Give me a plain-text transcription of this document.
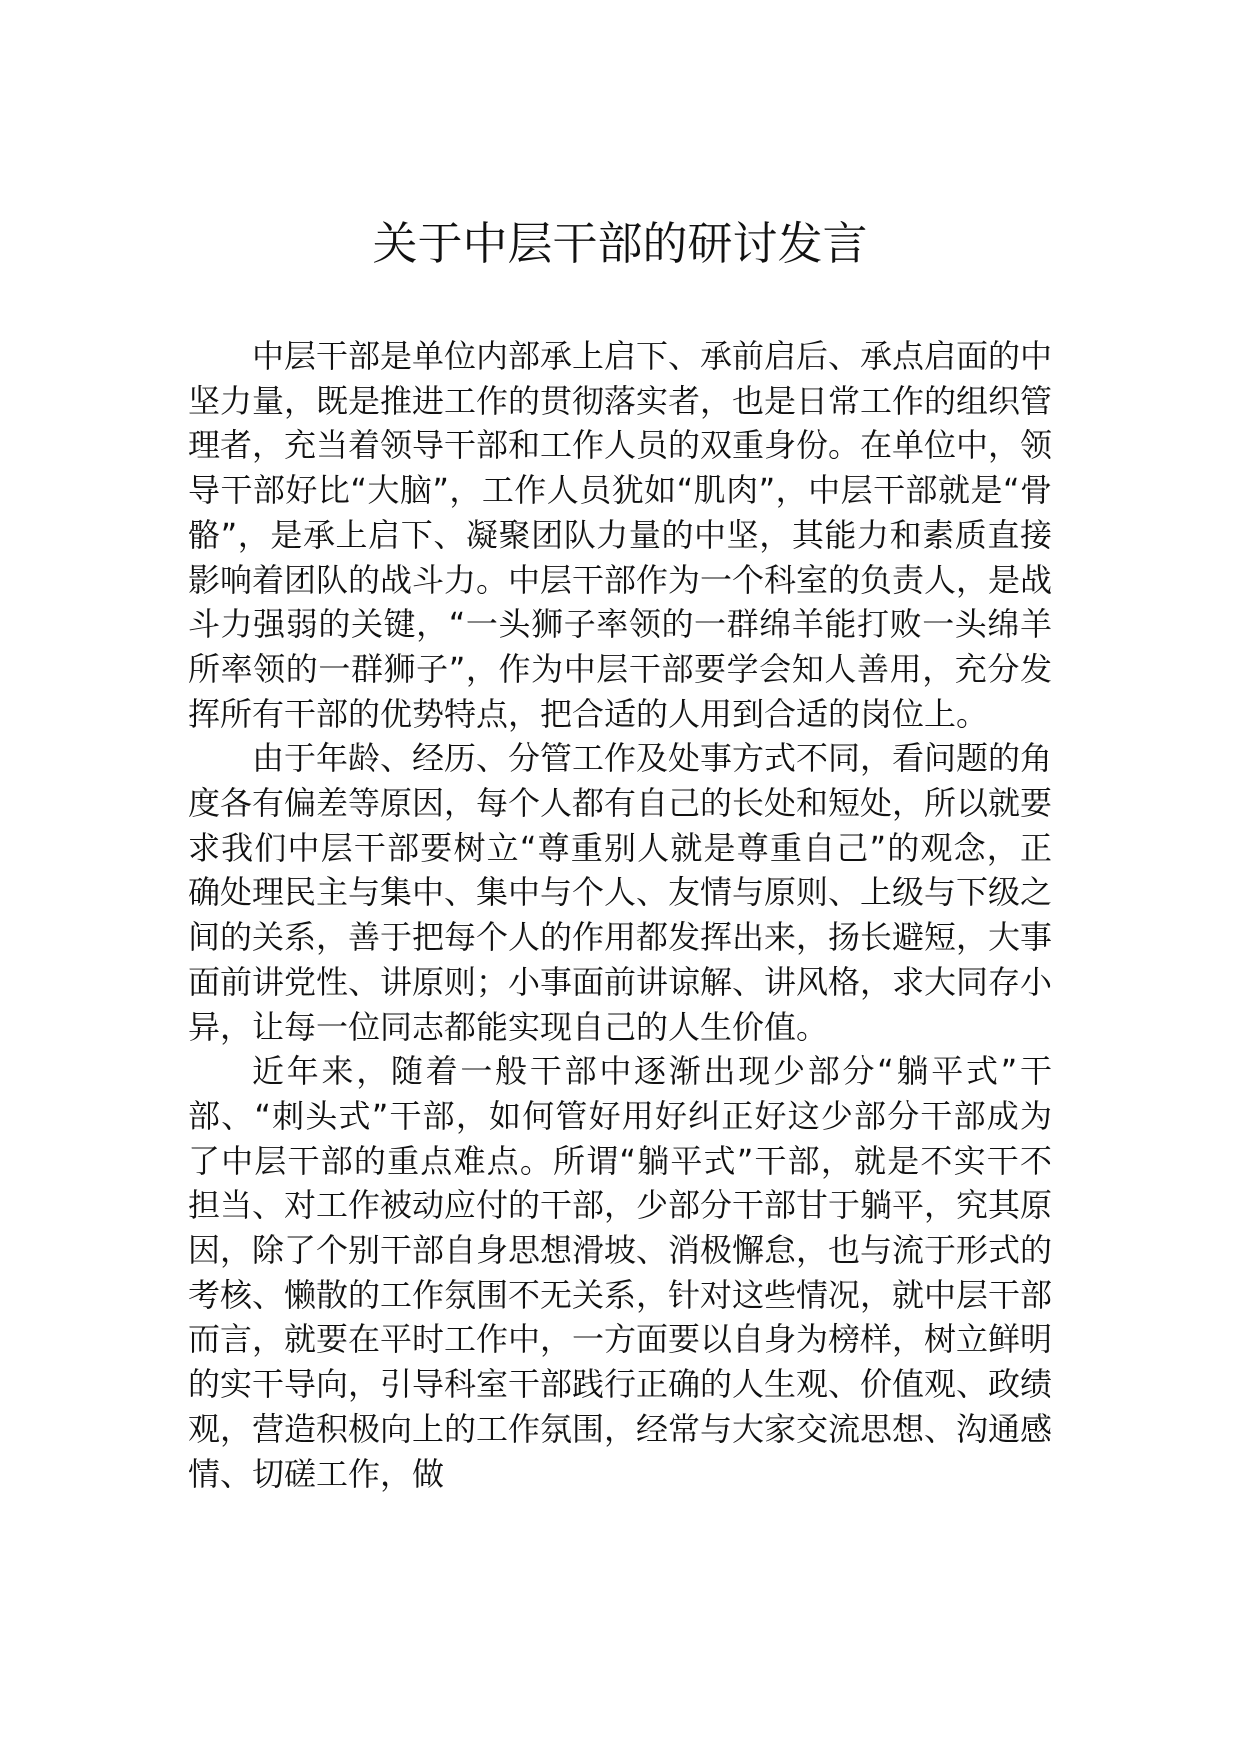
关于中层干部的研讨发言

中层干部是单位内部承上启下、承前启后、承点启面的中坚力量，既是推进工作的贯彻落实者，也是日常工作的组织管理者，充当着领导干部和工作人员的双重身份。在单位中，领导干部好比“大脑”，工作人员犹如“肌肉”，中层干部就是“骨骼”，是承上启下、凝聚团队力量的中坚，其能力和素质直接影响着团队的战斗力。中层干部作为一个科室的负责人，是战斗力强弱的关键，“一头狮子率领的一群绵羊能打败一头绵羊所率领的一群狮子”，作为中层干部要学会知人善用，充分发挥所有干部的优势特点，把合适的人用到合适的岗位上。

由于年龄、经历、分管工作及处事方式不同，看问题的角度各有偏差等原因，每个人都有自己的长处和短处，所以就要求我们中层干部要树立“尊重别人就是尊重自己”的观念，正确处理民主与集中、集中与个人、友情与原则、上级与下级之间的关系，善于把每个人的作用都发挥出来，扬长避短，大事面前讲党性、讲原则；小事面前讲谅解、讲风格，求大同存小异，让每一位同志都能实现自己的人生价值。

近年来，随着一般干部中逐渐出现少部分“躺平式”干部、“刺头式”干部，如何管好用好纠正好这少部分干部成为了中层干部的重点难点。所谓“躺平式”干部，就是不实干不担当、对工作被动应付的干部，少部分干部甘于躺平，究其原因，除了个别干部自身思想滑坡、消极懈怠，也与流于形式的考核、懒散的工作氛围不无关系，针对这些情况，就中层干部而言，就要在平时工作中，一方面要以自身为榜样，树立鲜明的实干导向，引导科室干部践行正确的人生观、价值观、政绩观，营造积极向上的工作氛围，经常与大家交流思想、沟通感情、切磋工作，做
